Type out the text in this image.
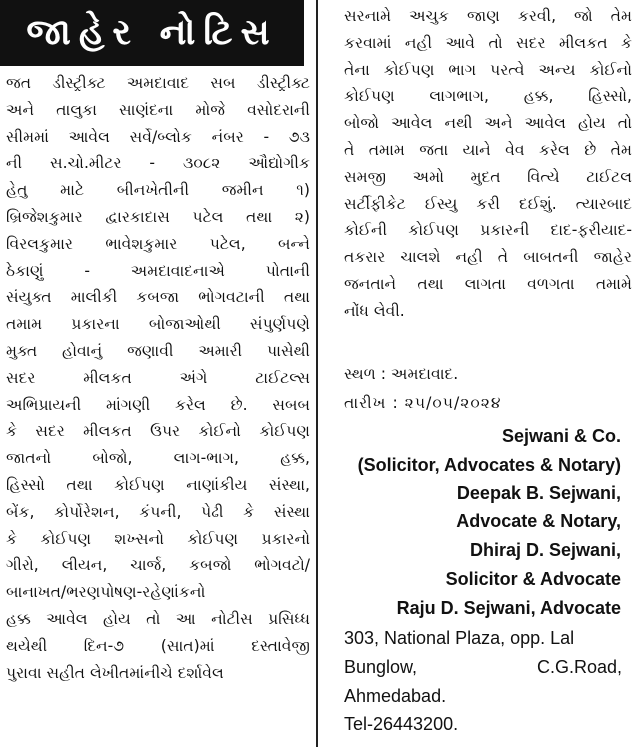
જાહેર નોટિસ
જત ડીસ્ટ્રીક્ટ અમદાવાદ સબ ડીસ્ટ્રીક્ટ
અને તાલુકા સાણંદના મોજે વસોદરાની
સીમમાં આવેલ સર્વે/બ્લોક નંબર - ૭૩
ની સ.ચો.મીટર - ૩૦૮૨ ઔદ્યોગીક
હેતુ માટે બીનખેતીની જમીન ૧)
બ્રિજેશકુમાર દ્વારકાદાસ પટેલ તથા ૨)
વિરલકુમાર ભાવેશકુમાર પટેલ, બન્ને
ઠેકાણું - અમદાવાદનાએ પોતાની
સંયુક્ત માલીકી કબજા ભોગવટાની તથા
તમામ પ્રકારના બોજાઓથી સંપુર્ણપણે
મુક્ત હોવાનું જણાવી અમારી પાસેથી
સદર મીલકત અંગે ટાઈટલ્સ
અભિપ્રાયની માંગણી કરેલ છે. સબબ
કે સદર મીલકત ઉપર કોઈનો કોઈપણ
જાતનો બોજો, લાગ-ભાગ, હક્ક,
હિસ્સો તથા કોઈપણ નાણાંકીય સંસ્થા,
બેંક, કોર્પોરેશન, કંપની, પેઢી કે સંસ્થા
કે કોઈપણ શખ્સનો કોઈપણ પ્રકારનો
ગીરો, લીયન, ચાર્જ, કબજો ભોગવટો/
બાનાખત/ભરણપોષણ-રહેણાંકનો
હક્ક આવેલ હોય તો આ નોટીસ પ્રસિધ્ધ
થયેથી દિન-૭ (સાત)માં દસ્તાવેજી
પુરાવા સહીત લેખીતમાંનીચે દર્શાવેલ
સરનામે અચુક જાણ કરવી, જો તેમ
કરવામાં નહી આવે તો સદર મીલકત કે
તેના કોઈપણ ભાગ પરત્વે અન્ય કોઈનો
કોઈપણ લાગભાગ, હક્ક, હિસ્સો,
બોજો આવેલ નથી અને આવેલ હોય તો
તે તમામ જતા યાને વેવ કરેલ છે તેમ
સમજી અમો મુદત વિત્યે ટાઈટલ
સર્ટીફીકેટ ઈસ્યુ કરી દઈશું. ત્યારબાદ
કોઈની કોઈપણ પ્રકારની દાદ-ફરીયાદ-
તકરાર ચાલશે નહી તે બાબતની જાહેર
જનતાને તથા લાગતા વળગતા તમામે
નોંધ લેવી.
સ્થળ : અમદાવાદ.
તારીખ : ૨૫/૦૫/૨૦૨૪
Sejwani & Co.
(Solicitor, Advocates & Notary)
Deepak B. Sejwani,
Advocate & Notary,
Dhiraj D. Sejwani,
Solicitor & Advocate
Raju D. Sejwani, Advocate
303, National Plaza, opp. Lal
Bunglow,	C.G.Road,
Ahmedabad.
Tel-26443200.
